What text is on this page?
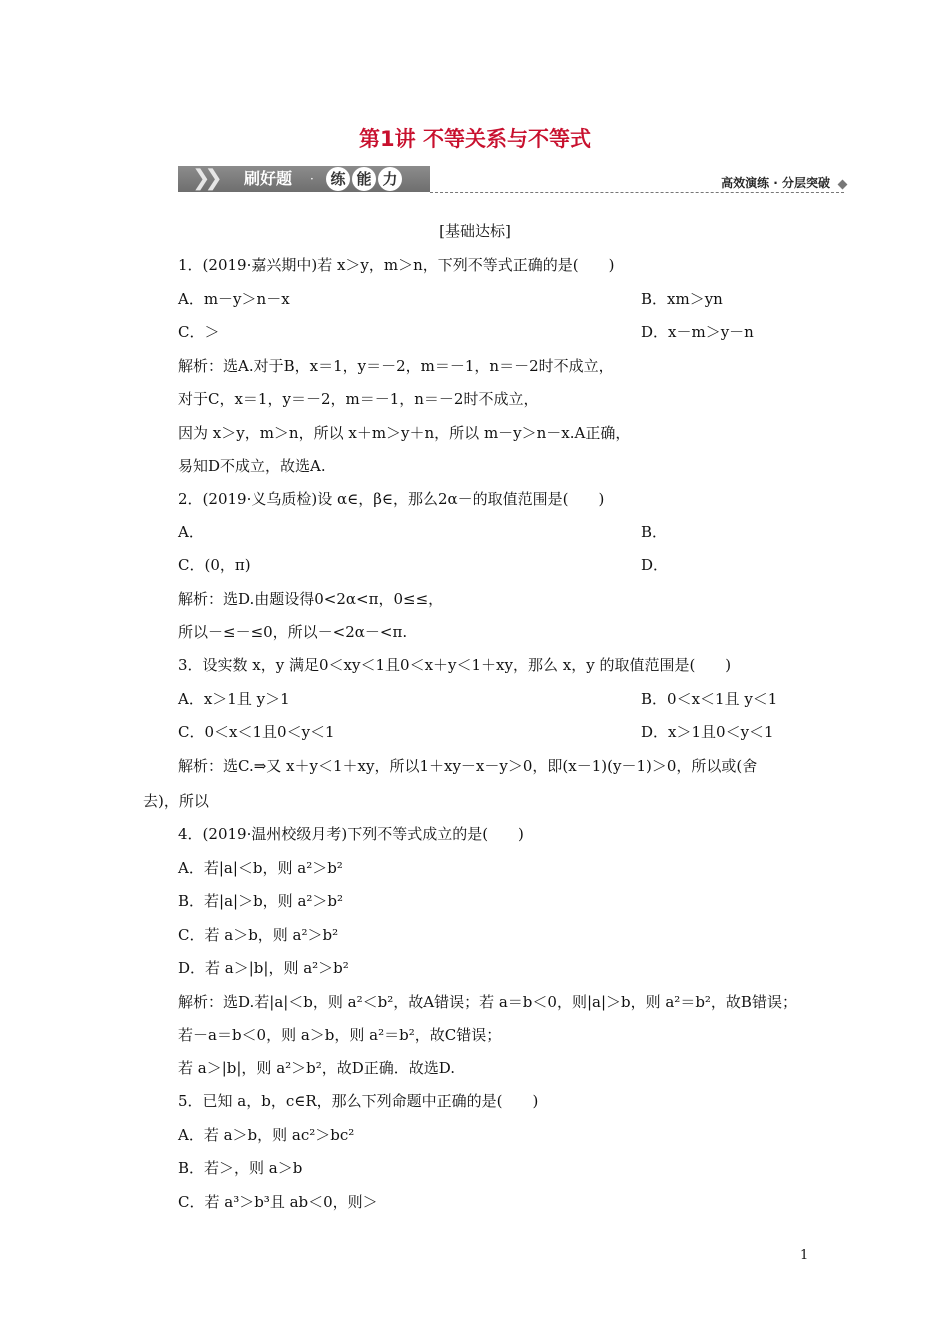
第1讲 不等关系与不等式
❯❯ 刷好题 · 练 能 力	高效演练 · 分层突破
[基础达标]
1．(2019·嘉兴期中)若 x＞y，m＞n，下列不等式正确的是(　　)
A．m－y＞n－x	B．xm＞yn
C．＞	D．x－m＞y－n
解析：选A.对于B，x＝1，y＝－2，m＝－1，n＝－2时不成立，
对于C，x＝1，y＝－2，m＝－1，n＝－2时不成立，
因为 x＞y，m＞n，所以 x＋m＞y＋n，所以 m－y＞n－x.A正确，
易知D不成立，故选A.
2．(2019·义乌质检)设 α∈，β∈，那么2α－的取值范围是(　　)
A．	B．
C．(0，π)	D．
解析：选D.由题设得0<2α<π，0≤≤，
所以－≤－≤0，所以－<2α－<π.
3．设实数 x，y 满足0＜xy＜1且0＜x＋y＜1＋xy，那么 x，y 的取值范围是(　　)
A．x＞1且 y＞1	B．0＜x＜1且 y＜1
C．0＜x＜1且0＜y＜1	D．x＞1且0＜y＜1
解析：选C.⇒又 x＋y＜1＋xy，所以1＋xy－x－y＞0，即(x－1)(y－1)＞0，所以或(舍
去)，所以
4．(2019·温州校级月考)下列不等式成立的是(　　)
A．若|a|＜b，则 a²＞b²
B．若|a|＞b，则 a²＞b²
C．若 a＞b，则 a²＞b²
D．若 a＞|b|，则 a²＞b²
解析：选D.若|a|＜b，则 a²＜b²，故A错误；若 a＝b＜0，则|a|＞b，则 a²＝b²，故B错误；
若－a＝b＜0，则 a＞b，则 a²＝b²，故C错误；
若 a＞|b|，则 a²＞b²，故D正确．故选D.
5．已知 a，b，c∈R，那么下列命题中正确的是(　　)
A．若 a＞b，则 ac²＞bc²
B．若＞，则 a＞b
C．若 a³＞b³且 ab＜0，则＞
1
